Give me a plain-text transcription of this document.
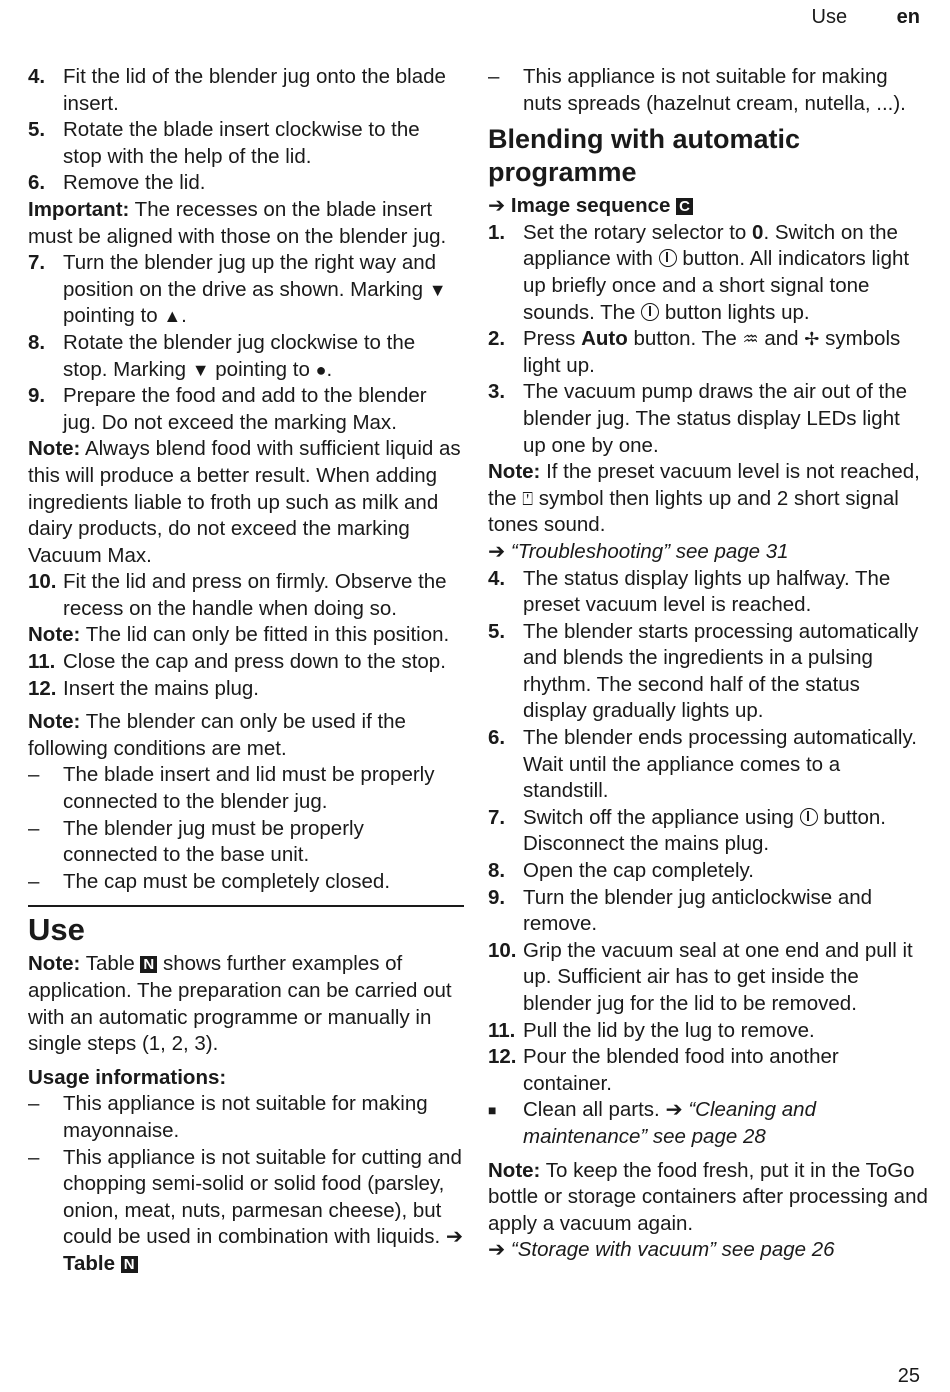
Use en
4. Fit the lid of the blender jug onto the blade insert.
5. Rotate the blade insert clockwise to the stop with the help of the lid.
6. Remove the lid.

Important: The recesses on the blade insert must be aligned with those on the blender jug.

7. Turn the blender jug up the right way and position on the drive as shown. Marking ▼ pointing to ▲.
8. Rotate the blender jug clockwise to the stop. Marking ▼ pointing to ●.
9. Prepare the food and add to the blender jug. Do not exceed the marking Max.

Note: Always blend food with sufficient liquid as this will produce a better result. When adding ingredients liable to froth up such as milk and dairy products, do not exceed the marking Vacuum Max.

10. Fit the lid and press on firmly. Observe the recess on the handle when doing so.

Note: The lid can only be fitted in this position.

11. Close the cap and press down to the stop.
12. Insert the mains plug.

Note: The blender can only be used if the following conditions are met.

–	The blade insert and lid must be properly connected to the blender jug.
–	The blender jug must be properly connected to the base unit.
–	The cap must be completely closed.
Use

Note: Table N shows further examples of application. The preparation can be carried out with an automatic programme or manually in single steps (1, 2, 3).

Usage informations:

–	This appliance is not suitable for making mayonnaise.
–	This appliance is not suitable for cutting and chopping semi-solid or solid food (parsley, onion, meat, nuts, parmesan cheese), but could be used in combination with liquids. ➔ Table N
–	This appliance is not suitable for making nuts spreads (hazelnut cream, nutella, ...).
Blending with automatic programme

➔ Image sequence C

1. Set the rotary selector to 0. Switch on the appliance with  button. All indicators light up briefly once and a short signal tone sounds. The  button lights up.
2. Press Auto button. The ♒ and ✢ symbols light up.
3. The vacuum pump draws the air out of the blender jug. The status display LEDs light up one by one.

Note: If the preset vacuum level is not reached, the ⍞ symbol then lights up and 2 short signal tones sound.

➔ “Troubleshooting” see page 31

4. The status display lights up halfway. The preset vacuum level is reached.
5. The blender starts processing automatically and blends the ingredients in a pulsing rhythm. The second half of the status display gradually lights up.
6. The blender ends processing automatically. Wait until the appliance comes to a standstill.
7. Switch off the appliance using  button. Disconnect the mains plug.
8. Open the cap completely.
9. Turn the blender jug anticlockwise and remove.
10. Grip the vacuum seal at one end and pull it up. Sufficient air has to get inside the blender jug for the lid to be removed.
11. Pull the lid by the lug to remove.
12. Pour the blended food into another container.
■	Clean all parts. ➔ “Cleaning and maintenance” see page 28

Note: To keep the food fresh, put it in the ToGo bottle or storage containers after processing and apply a vacuum again.

➔ “Storage with vacuum” see page 26

25
